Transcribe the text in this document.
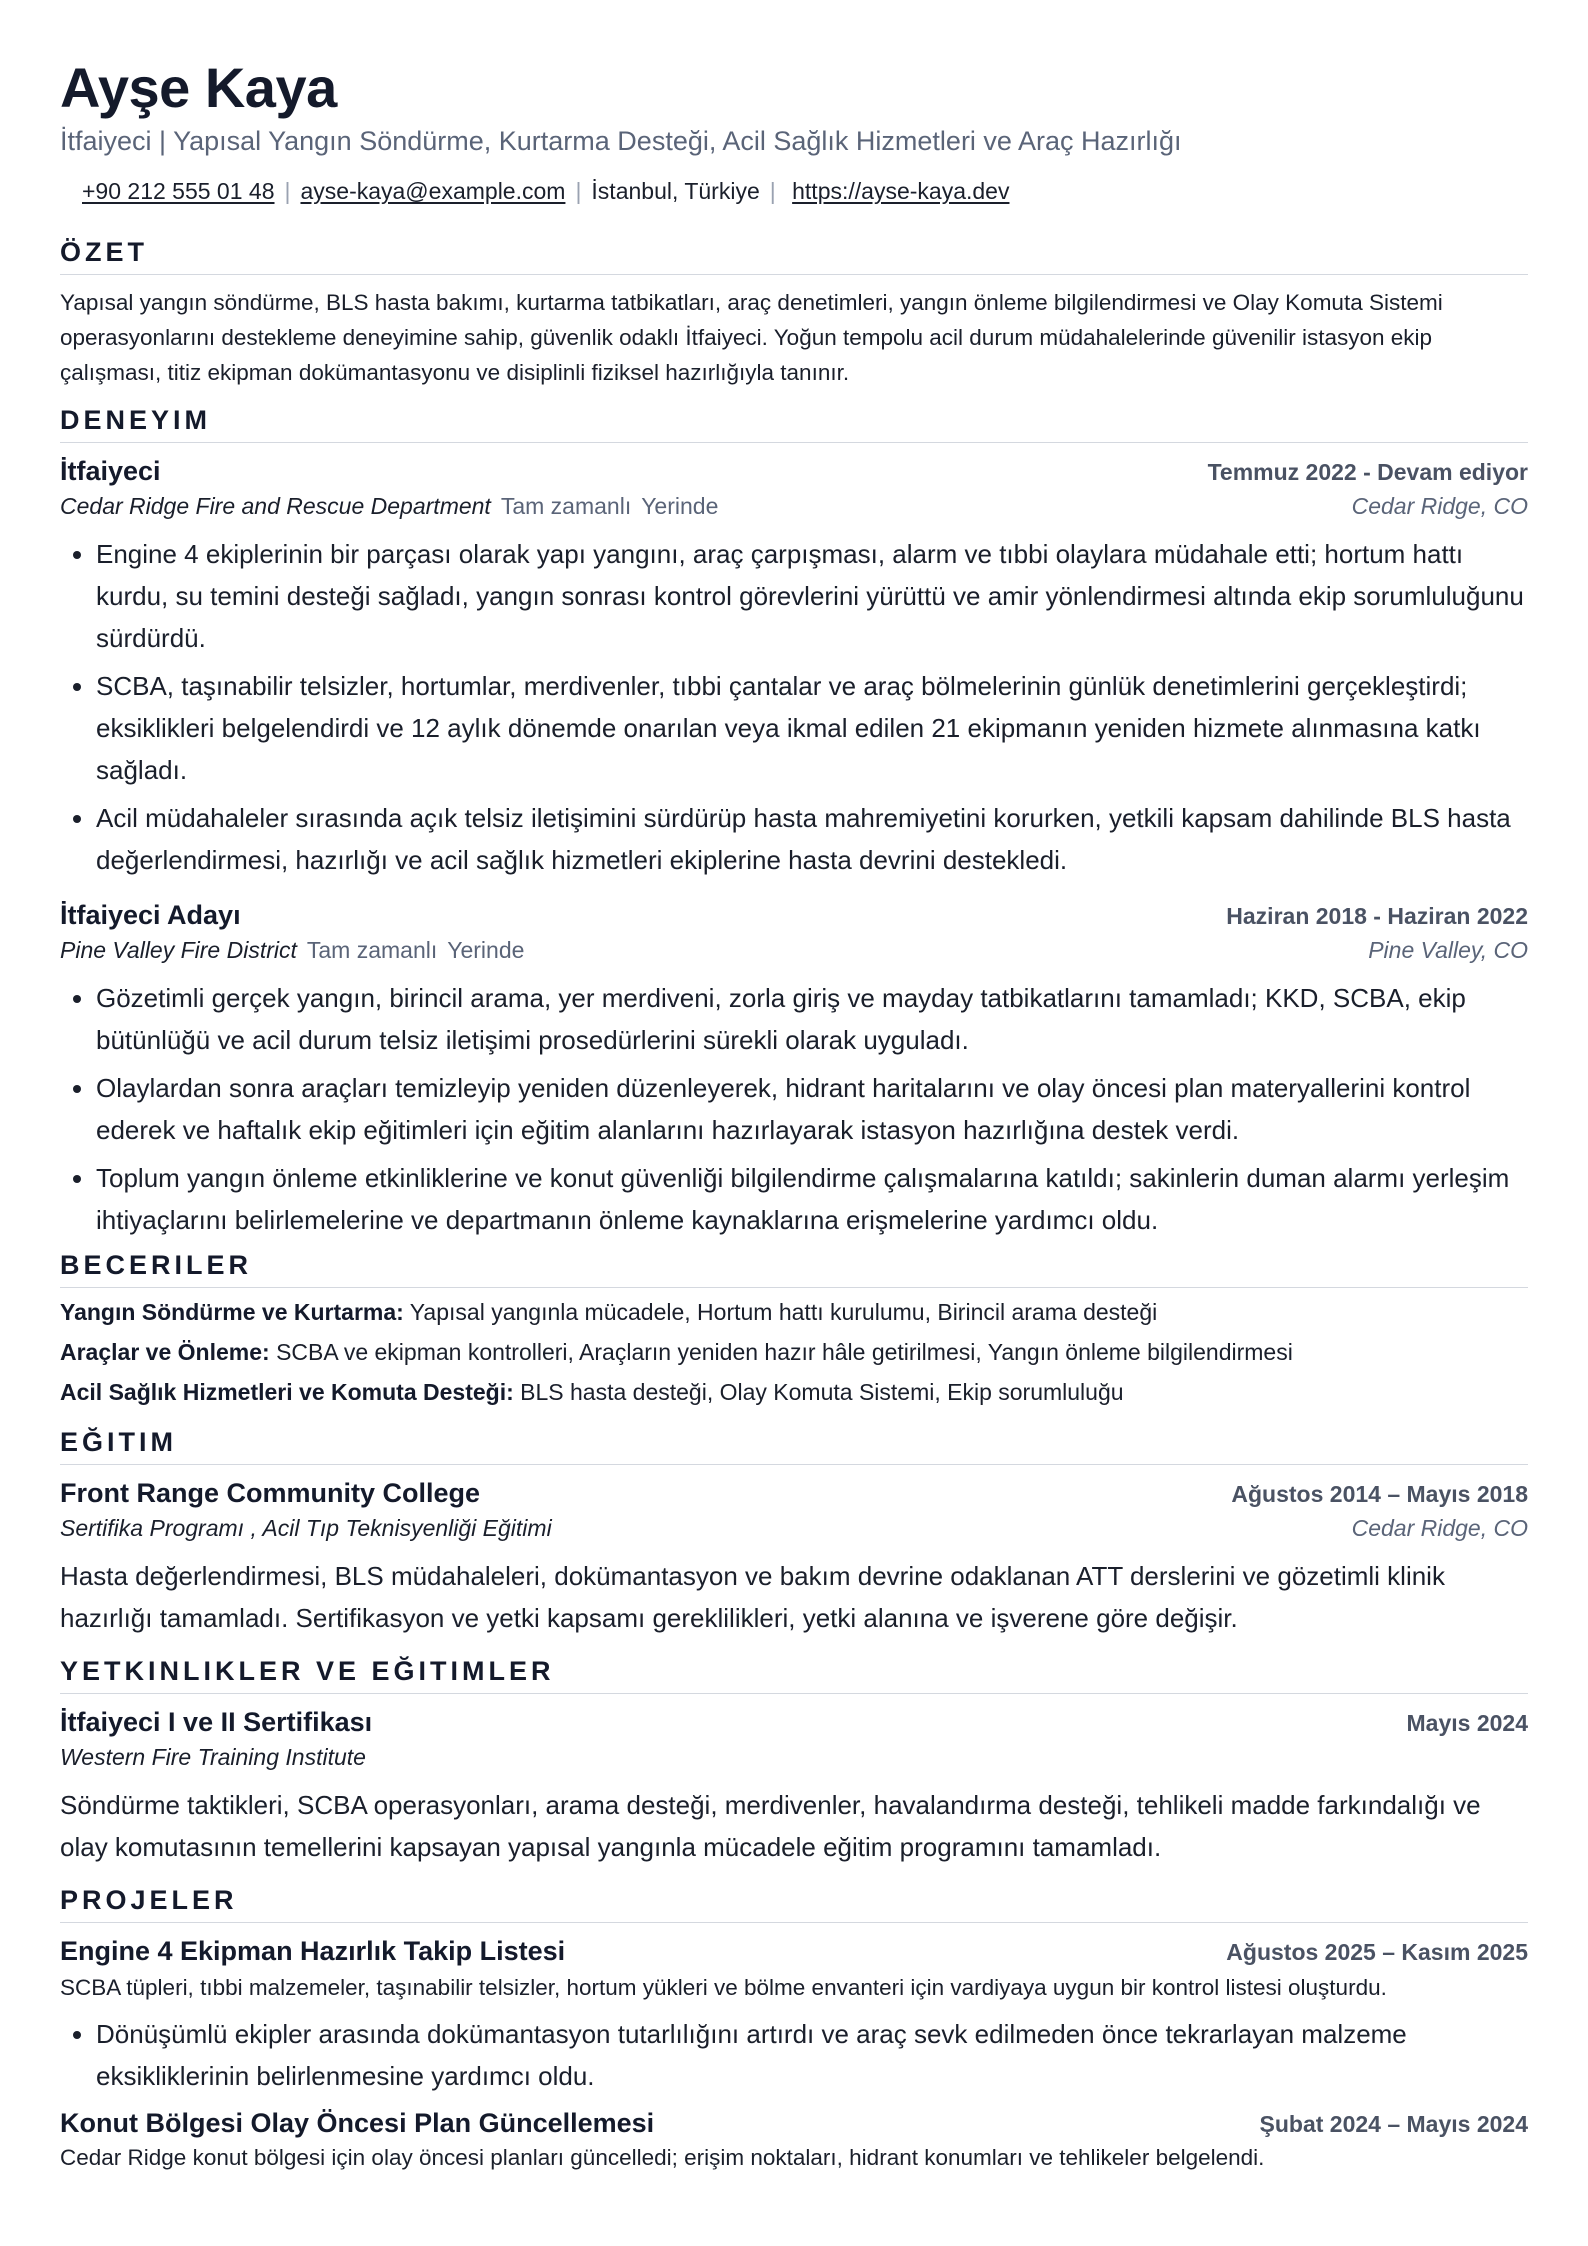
Ayşe Kaya
İtfaiyeci | Yapısal Yangın Söndürme, Kurtarma Desteği, Acil Sağlık Hizmetleri ve Araç Hazırlığı
+90 212 555 01 48 | ayse-kaya@example.com | İstanbul, Türkiye | https://ayse-kaya.dev
ÖZET
Yapısal yangın söndürme, BLS hasta bakımı, kurtarma tatbikatları, araç denetimleri, yangın önleme bilgilendirmesi ve Olay Komuta Sistemi operasyonlarını destekleme deneyimine sahip, güvenlik odaklı İtfaiyeci. Yoğun tempolu acil durum müdahalelerinde güvenilir istasyon ekip çalışması, titiz ekipman dokümantasyonu ve disiplinli fiziksel hazırlığıyla tanınır.
DENEYIM
İtfaiyeci	Temmuz 2022 - Devam ediyor
Cedar Ridge Fire and Rescue Department Tam zamanlı Yerinde	Cedar Ridge, CO
• Engine 4 ekiplerinin bir parçası olarak yapı yangını, araç çarpışması, alarm ve tıbbi olaylara müdahale etti; hortum hattı kurdu, su temini desteği sağladı, yangın sonrası kontrol görevlerini yürüttü ve amir yönlendirmesi altında ekip sorumluluğunu sürdürdü.
• SCBA, taşınabilir telsizler, hortumlar, merdivenler, tıbbi çantalar ve araç bölmelerinin günlük denetimlerini gerçekleştirdi; eksiklikleri belgelendirdi ve 12 aylık dönemde onarılan veya ikmal edilen 21 ekipmanın yeniden hizmete alınmasına katkı sağladı.
• Acil müdahaleler sırasında açık telsiz iletişimini sürdürüp hasta mahremiyetini korurken, yetkili kapsam dahilinde BLS hasta değerlendirmesi, hazırlığı ve acil sağlık hizmetleri ekiplerine hasta devrini destekledi.
İtfaiyeci Adayı	Haziran 2018 - Haziran 2022
Pine Valley Fire District Tam zamanlı Yerinde	Pine Valley, CO
• Gözetimli gerçek yangın, birincil arama, yer merdiveni, zorla giriş ve mayday tatbikatlarını tamamladı; KKD, SCBA, ekip bütünlüğü ve acil durum telsiz iletişimi prosedürlerini sürekli olarak uyguladı.
• Olaylardan sonra araçları temizleyip yeniden düzenleyerek, hidrant haritalarını ve olay öncesi plan materyallerini kontrol ederek ve haftalık ekip eğitimleri için eğitim alanlarını hazırlayarak istasyon hazırlığına destek verdi.
• Toplum yangın önleme etkinliklerine ve konut güvenliği bilgilendirme çalışmalarına katıldı; sakinlerin duman alarmı yerleşim ihtiyaçlarını belirlemelerine ve departmanın önleme kaynaklarına erişmelerine yardımcı oldu.
BECERILER
Yangın Söndürme ve Kurtarma: Yapısal yangınla mücadele, Hortum hattı kurulumu, Birincil arama desteği
Araçlar ve Önleme: SCBA ve ekipman kontrolleri, Araçların yeniden hazır hâle getirilmesi, Yangın önleme bilgilendirmesi
Acil Sağlık Hizmetleri ve Komuta Desteği: BLS hasta desteği, Olay Komuta Sistemi, Ekip sorumluluğu
EĞITIM
Front Range Community College	Ağustos 2014 – Mayıs 2018
Sertifika Programı , Acil Tıp Teknisyenliği Eğitimi	Cedar Ridge, CO
Hasta değerlendirmesi, BLS müdahaleleri, dokümantasyon ve bakım devrine odaklanan ATT derslerini ve gözetimli klinik hazırlığı tamamladı. Sertifikasyon ve yetki kapsamı gereklilikleri, yetki alanına ve işverene göre değişir.
YETKINLIKLER VE EĞITIMLER
İtfaiyeci I ve II Sertifikası	Mayıs 2024
Western Fire Training Institute
Söndürme taktikleri, SCBA operasyonları, arama desteği, merdivenler, havalandırma desteği, tehlikeli madde farkındalığı ve olay komutasının temellerini kapsayan yapısal yangınla mücadele eğitim programını tamamladı.
PROJELER
Engine 4 Ekipman Hazırlık Takip Listesi	Ağustos 2025 – Kasım 2025
SCBA tüpleri, tıbbi malzemeler, taşınabilir telsizler, hortum yükleri ve bölme envanteri için vardiyaya uygun bir kontrol listesi oluşturdu.
• Dönüşümlü ekipler arasında dokümantasyon tutarlılığını artırdı ve araç sevk edilmeden önce tekrarlayan malzeme eksikliklerinin belirlenmesine yardımcı oldu.
Konut Bölgesi Olay Öncesi Plan Güncellemesi	Şubat 2024 – Mayıs 2024
Cedar Ridge konut bölgesi için olay öncesi planları güncelledi; erişim noktaları, hidrant konumları ve tehlikeler belgelendi.
